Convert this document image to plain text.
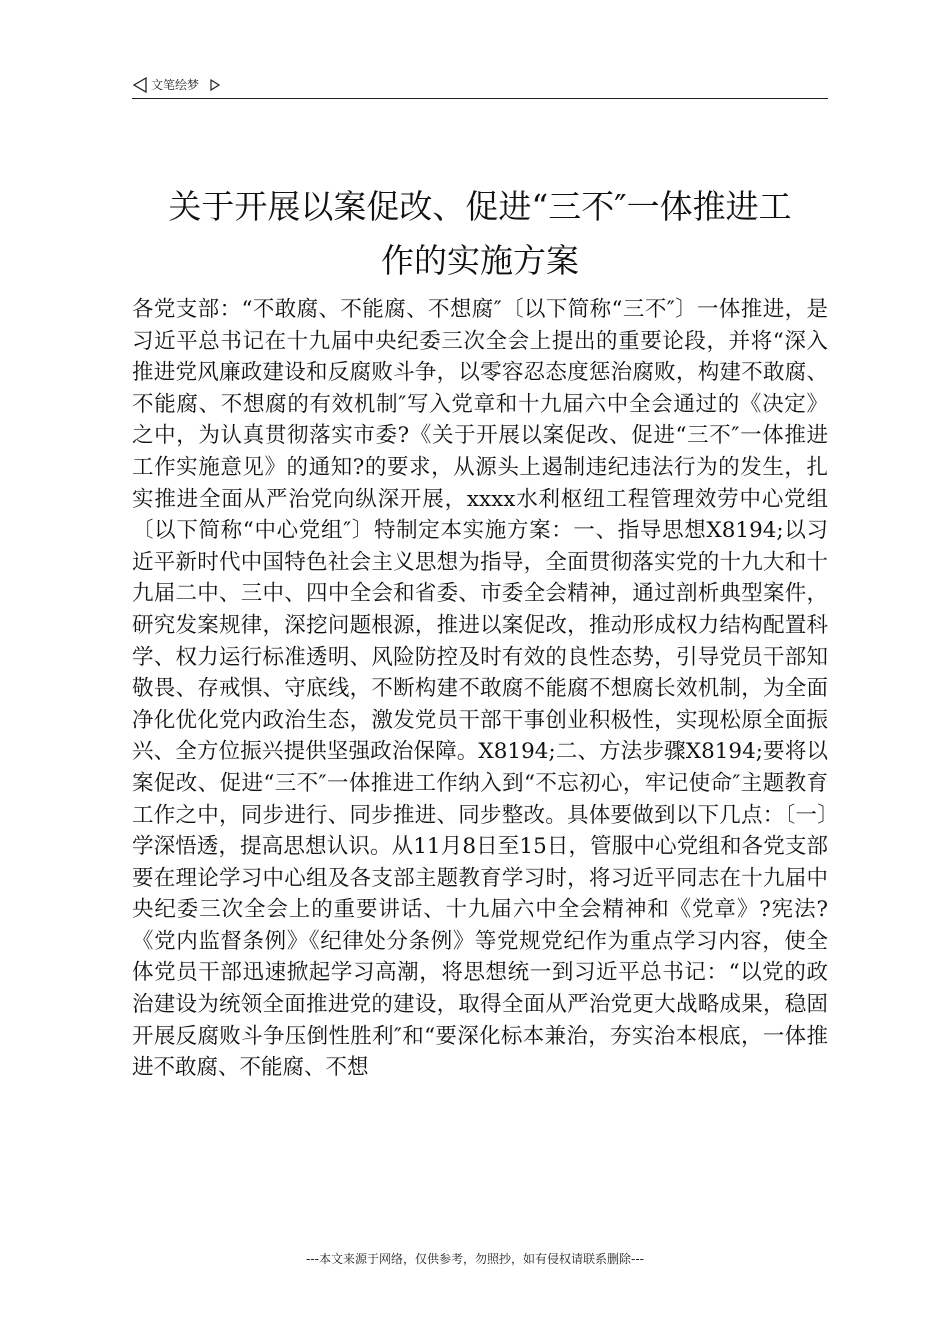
文笔绘梦
关于开展以案促改、促进“三不″一体推进工
作的实施方案
各党支部：“不敢腐、不能腐、不想腐″〔以下简称“三不″〕一体推进，是习近平总书记在十九届中央纪委三次全会上提出的重要论段，并将“深入推进党风廉政建设和反腐败斗争，以零容忍态度惩治腐败，构建不敢腐、不能腐、不想腐的有效机制″写入党章和十九届六中全会通过的《决定》之中，为认真贯彻落实市委?《关于开展以案促改、促进“三不″一体推进工作实施意见》的通知?的要求，从源头上遏制违纪违法行为的发生，扎实推进全面从严治党向纵深开展，xxxx水利枢纽工程管理效劳中心党组〔以下简称“中心党组″〕特制定本实施方案：一、指导思想X8194;以习近平新时代中国特色社会主义思想为指导，全面贯彻落实党的十九大和十九届二中、三中、四中全会和省委、市委全会精神，通过剖析典型案件，研究发案规律，深挖问题根源，推进以案促改，推动形成权力结构配置科学、权力运行标准透明、风险防控及时有效的良性态势，引导党员干部知敬畏、存戒惧、守底线，不断构建不敢腐不能腐不想腐长效机制，为全面净化优化党内政治生态，激发党员干部干事创业积极性，实现松原全面振兴、全方位振兴提供坚强政治保障。X8194;二、方法步骤X8194;要将以案促改、促进“三不″一体推进工作纳入到“不忘初心，牢记使命″主题教育工作之中，同步进行、同步推进、同步整改。具体要做到以下几点：〔一〕学深悟透，提高思想认识。从11月8日至15日，管服中心党组和各党支部要在理论学习中心组及各支部主题教育学习时，将习近平同志在十九届中央纪委三次全会上的重要讲话、十九届六中全会精神和《党章》?宪法?《党内监督条例》《纪律处分条例》等党规党纪作为重点学习内容，使全体党员干部迅速掀起学习高潮，将思想统一到习近平总书记：“以党的政治建设为统领全面推进党的建设，取得全面从严治党更大战略成果，稳固开展反腐败斗争压倒性胜利″和“要深化标本兼治，夯实治本根底，一体推进不敢腐、不能腐、不想
---本文来源于网络，仅供参考，勿照抄，如有侵权请联系删除---
